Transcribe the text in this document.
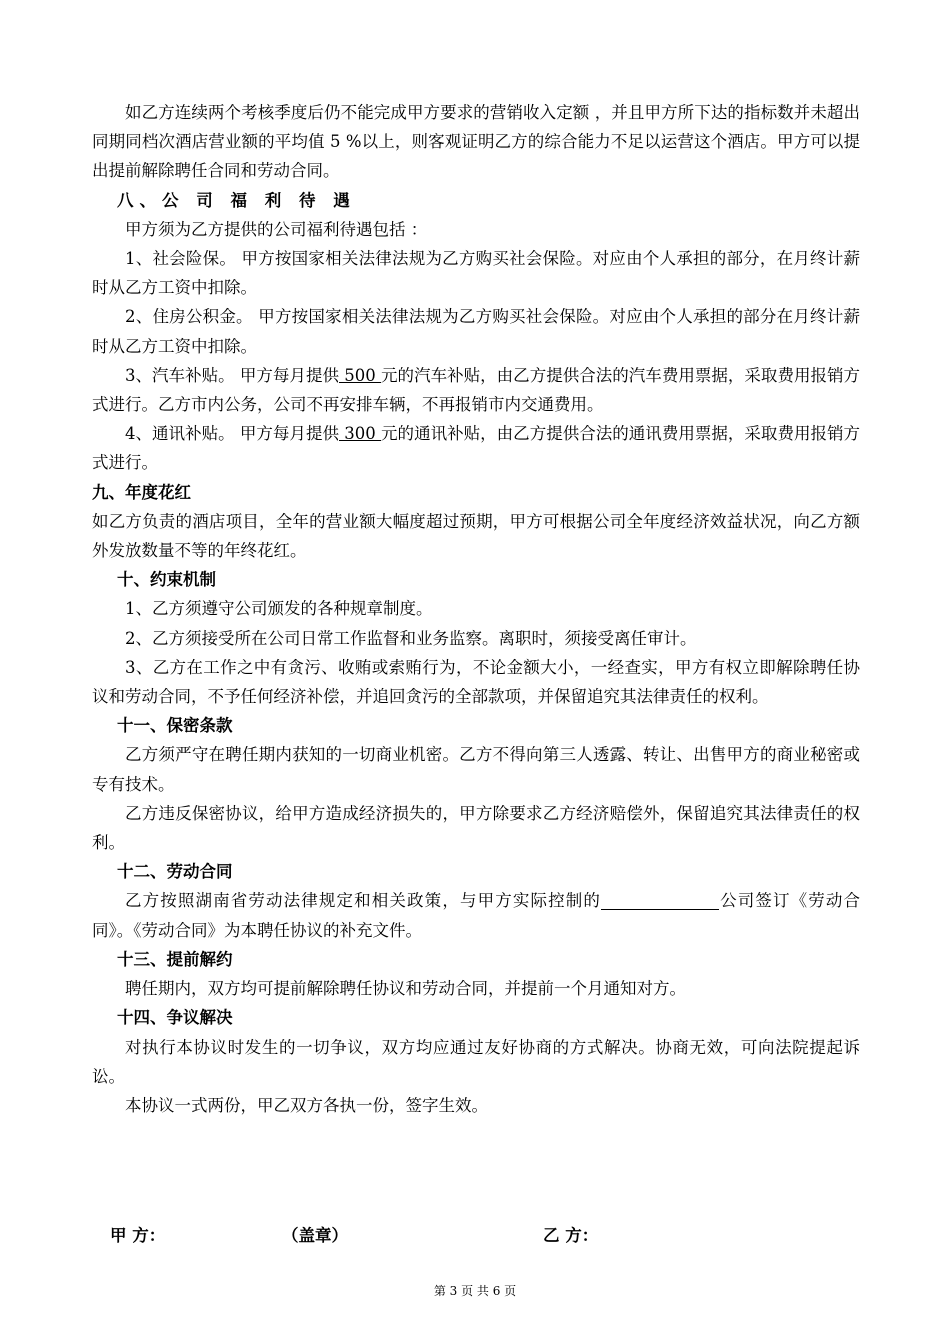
如乙方连续两个考核季度后仍不能完成甲方要求的营销收入定额 ，并且甲方所下达的指标数并未超出同期同档次酒店营业额的平均值 5 %以上，则客观证明乙方的综合能力不足以运营这个酒店。甲方可以提出提前解除聘任合同和劳动合同。

八、公 司 福 利 待 遇

甲方须为乙方提供的公司福利待遇包括 ：

1、社会险保。 甲方按国家相关法律法规为乙方购买社会保险。对应由个人承担的部分，在月终计薪时从乙方工资中扣除。

2、住房公积金。 甲方按国家相关法律法规为乙方购买社会保险。对应由个人承担的部分在月终计薪时从乙方工资中扣除。

3、汽车补贴。 甲方每月提供 500 元的汽车补贴，由乙方提供合法的汽车费用票据，采取费用报销方式进行。乙方市内公务，公司不再安排车辆，不再报销市内交通费用。

4、通讯补贴。 甲方每月提供 300 元的通讯补贴，由乙方提供合法的通讯费用票据，采取费用报销方式进行。

九、年度花红

如乙方负责的酒店项目，全年的营业额大幅度超过预期，甲方可根据公司全年度经济效益状况，向乙方额外发放数量不等的年终花红。

十、约束机制

1、乙方须遵守公司颁发的各种规章制度。

2、乙方须接受所在公司日常工作监督和业务监察。离职时，须接受离任审计。

3、乙方在工作之中有贪污、收贿或索贿行为，不论金额大小，一经查实，甲方有权立即解除聘任协议和劳动合同，不予任何经济补偿，并追回贪污的全部款项，并保留追究其法律责任的权利。

十一、保密条款

乙方须严守在聘任期内获知的一切商业机密。乙方不得向第三人透露、转让、出售甲方的商业秘密或专有技术。

乙方违反保密协议，给甲方造成经济损失的，甲方除要求乙方经济赔偿外，保留追究其法律责任的权利。

十二、劳动合同

乙方按照湖南省劳动法律规定和相关政策，与甲方实际控制的	公司签订《劳动合同》。《劳动合同》为本聘任协议的补充文件。

十三、提前解约

聘任期内，双方均可提前解除聘任协议和劳动合同，并提前一个月通知对方。

十四、争议解决

对执行本协议时发生的一切争议，双方均应通过友好协商的方式解决。协商无效，可向法院提起诉讼。

本协议一式两份，甲乙双方各执一份，签字生效。

甲 方：	（盖章）	乙 方：
第 3 页 共 6 页
